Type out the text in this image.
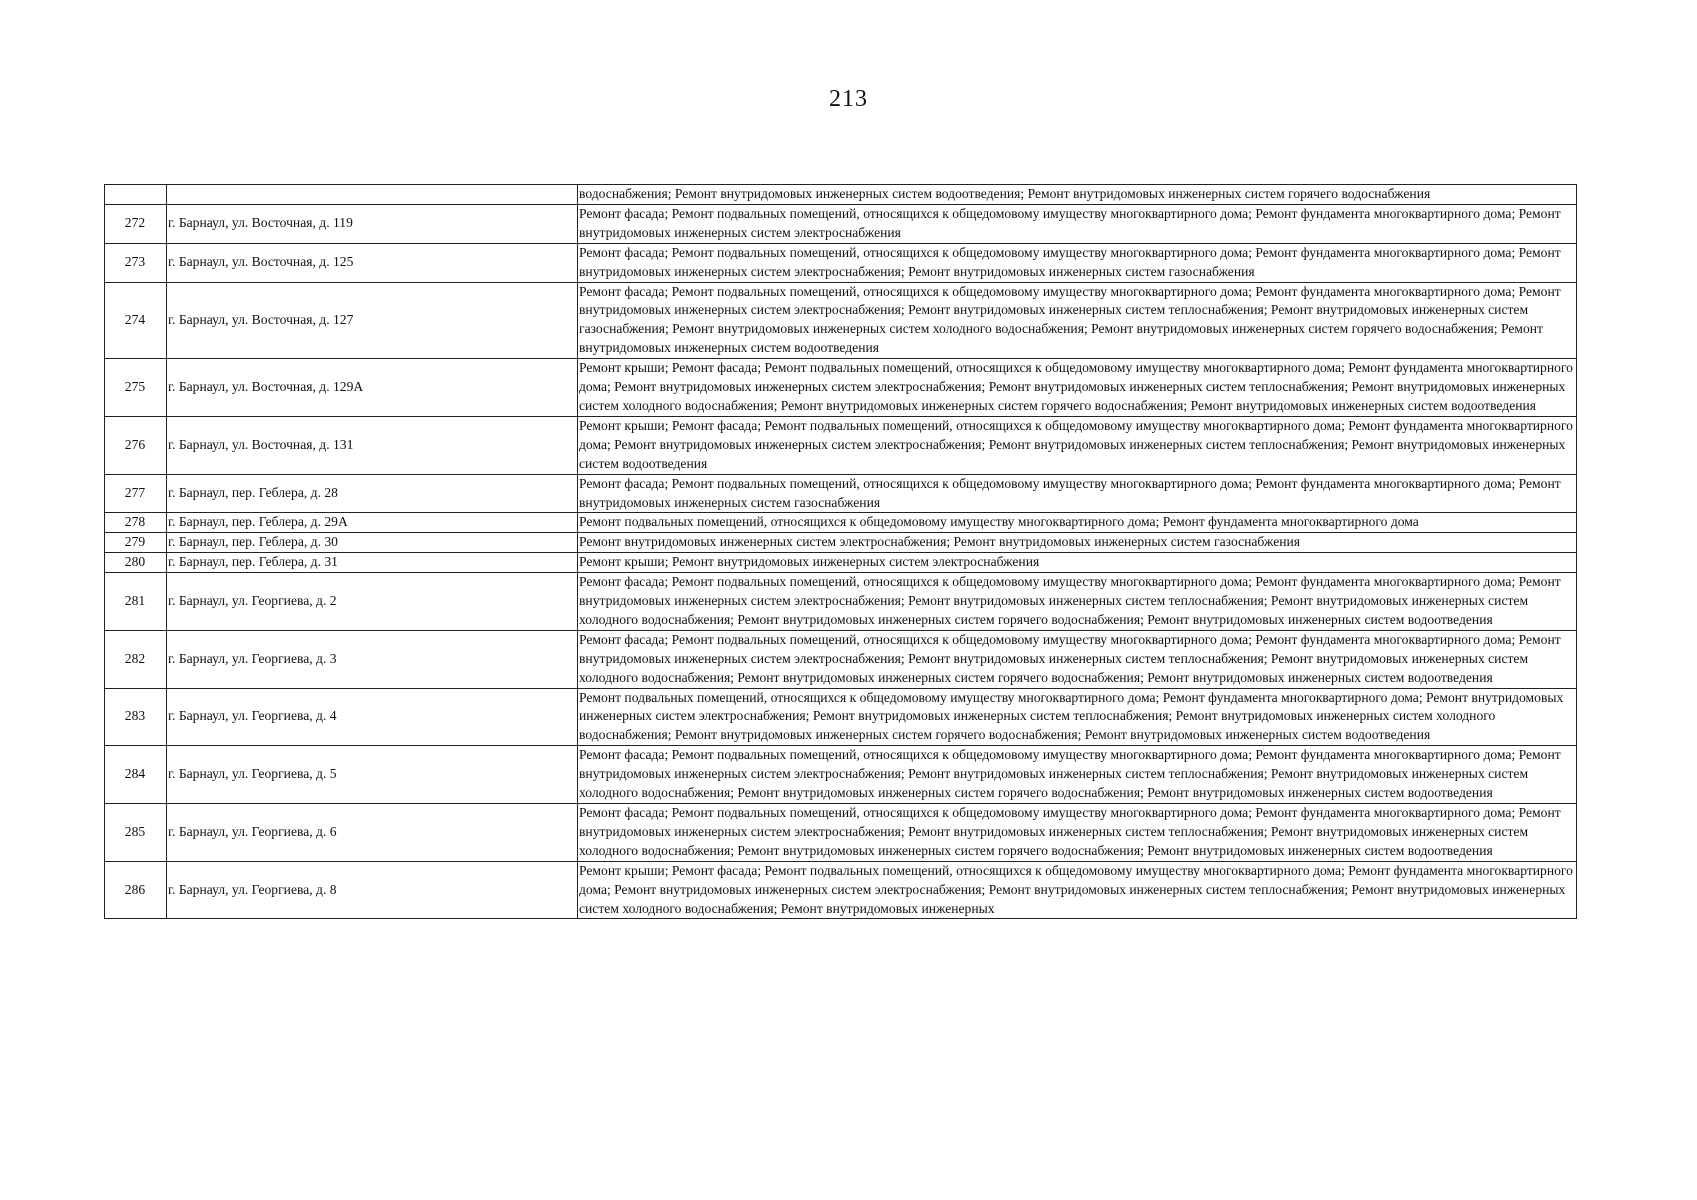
213
		водоснабжения; Ремонт внутридомовых инженерных систем водоотведения; Ремонт внутридомовых инженерных систем горячего водоснабжения
272	г. Барнаул, ул. Восточная, д. 119	Ремонт фасада; Ремонт подвальных помещений, относящихся к общедомовому имуществу многоквартирного дома; Ремонт фундамента многоквартирного дома; Ремонт внутридомовых инженерных систем электроснабжения
273	г. Барнаул, ул. Восточная, д. 125	Ремонт фасада; Ремонт подвальных помещений, относящихся к общедомовому имуществу многоквартирного дома; Ремонт фундамента многоквартирного дома; Ремонт внутридомовых инженерных систем электроснабжения; Ремонт внутридомовых инженерных систем газоснабжения
274	г. Барнаул, ул. Восточная, д. 127	Ремонт фасада; Ремонт подвальных помещений, относящихся к общедомовому имуществу многоквартирного дома; Ремонт фундамента многоквартирного дома; Ремонт внутридомовых инженерных систем электроснабжения; Ремонт внутридомовых инженерных систем теплоснабжения; Ремонт внутридомовых инженерных систем газоснабжения; Ремонт внутридомовых инженерных систем холодного водоснабжения; Ремонт внутридомовых инженерных систем горячего водоснабжения; Ремонт внутридомовых инженерных систем водоотведения
275	г. Барнаул, ул. Восточная, д. 129А	Ремонт крыши; Ремонт фасада; Ремонт подвальных помещений, относящихся к общедомовому имуществу многоквартирного дома; Ремонт фундамента многоквартирного дома; Ремонт внутридомовых инженерных систем электроснабжения; Ремонт внутридомовых инженерных систем теплоснабжения; Ремонт внутридомовых инженерных систем холодного водоснабжения; Ремонт внутридомовых инженерных систем горячего водоснабжения; Ремонт внутридомовых инженерных систем водоотведения
276	г. Барнаул, ул. Восточная, д. 131	Ремонт крыши; Ремонт фасада; Ремонт подвальных помещений, относящихся к общедомовому имуществу многоквартирного дома; Ремонт фундамента многоквартирного дома; Ремонт внутридомовых инженерных систем электроснабжения; Ремонт внутридомовых инженерных систем теплоснабжения; Ремонт внутридомовых инженерных систем водоотведения
277	г. Барнаул, пер. Геблера, д. 28	Ремонт фасада; Ремонт подвальных помещений, относящихся к общедомовому имуществу многоквартирного дома; Ремонт фундамента многоквартирного дома; Ремонт внутридомовых инженерных систем газоснабжения
278	г. Барнаул, пер. Геблера, д. 29А	Ремонт подвальных помещений, относящихся к общедомовому имуществу многоквартирного дома; Ремонт фундамента многоквартирного дома
279	г. Барнаул, пер. Геблера, д. 30	Ремонт внутридомовых инженерных систем электроснабжения; Ремонт внутридомовых инженерных систем газоснабжения
280	г. Барнаул, пер. Геблера, д. 31	Ремонт крыши; Ремонт внутридомовых инженерных систем электроснабжения
281	г. Барнаул, ул. Георгиева, д. 2	Ремонт фасада; Ремонт подвальных помещений, относящихся к общедомовому имуществу многоквартирного дома; Ремонт фундамента многоквартирного дома; Ремонт внутридомовых инженерных систем электроснабжения; Ремонт внутридомовых инженерных систем теплоснабжения; Ремонт внутридомовых инженерных систем холодного водоснабжения; Ремонт внутридомовых инженерных систем горячего водоснабжения; Ремонт внутридомовых инженерных систем водоотведения
282	г. Барнаул, ул. Георгиева, д. 3	Ремонт фасада; Ремонт подвальных помещений, относящихся к общедомовому имуществу многоквартирного дома; Ремонт фундамента многоквартирного дома; Ремонт внутридомовых инженерных систем электроснабжения; Ремонт внутридомовых инженерных систем теплоснабжения; Ремонт внутридомовых инженерных систем холодного водоснабжения; Ремонт внутридомовых инженерных систем горячего водоснабжения; Ремонт внутридомовых инженерных систем водоотведения
283	г. Барнаул, ул. Георгиева, д. 4	Ремонт подвальных помещений, относящихся к общедомовому имуществу многоквартирного дома; Ремонт фундамента многоквартирного дома; Ремонт внутридомовых инженерных систем электроснабжения; Ремонт внутридомовых инженерных систем теплоснабжения; Ремонт внутридомовых инженерных систем холодного водоснабжения; Ремонт внутридомовых инженерных систем горячего водоснабжения; Ремонт внутридомовых инженерных систем водоотведения
284	г. Барнаул, ул. Георгиева, д. 5	Ремонт фасада; Ремонт подвальных помещений, относящихся к общедомовому имуществу многоквартирного дома; Ремонт фундамента многоквартирного дома; Ремонт внутридомовых инженерных систем электроснабжения; Ремонт внутридомовых инженерных систем теплоснабжения; Ремонт внутридомовых инженерных систем холодного водоснабжения; Ремонт внутридомовых инженерных систем горячего водоснабжения; Ремонт внутридомовых инженерных систем водоотведения
285	г. Барнаул, ул. Георгиева, д. 6	Ремонт фасада; Ремонт подвальных помещений, относящихся к общедомовому имуществу многоквартирного дома; Ремонт фундамента многоквартирного дома; Ремонт внутридомовых инженерных систем электроснабжения; Ремонт внутридомовых инженерных систем теплоснабжения; Ремонт внутридомовых инженерных систем холодного водоснабжения; Ремонт внутридомовых инженерных систем горячего водоснабжения; Ремонт внутридомовых инженерных систем водоотведения
286	г. Барнаул, ул. Георгиева, д. 8	Ремонт крыши; Ремонт фасада; Ремонт подвальных помещений, относящихся к общедомовому имуществу многоквартирного дома; Ремонт фундамента многоквартирного дома; Ремонт внутридомовых инженерных систем электроснабжения; Ремонт внутридомовых инженерных систем теплоснабжения; Ремонт внутридомовых инженерных систем холодного водоснабжения; Ремонт внутридомовых инженерных
